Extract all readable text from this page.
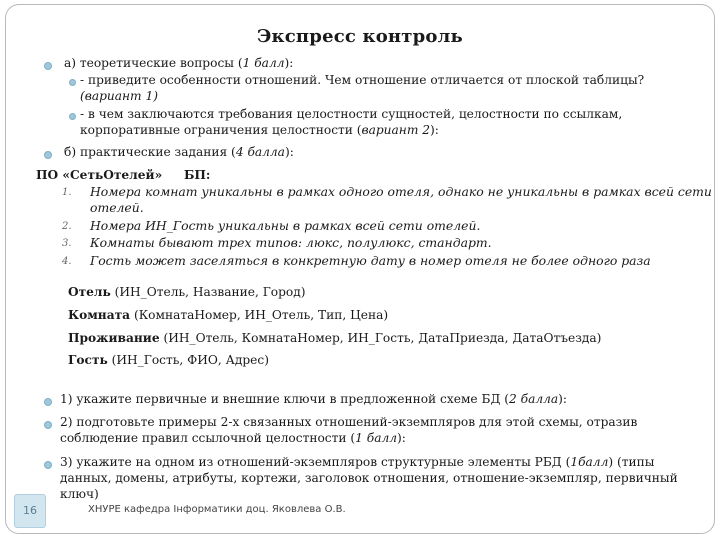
Экспресс контроль
а) теоретические вопросы (1 балл):
- приведите особенности отношений. Чем отношение отличается от плоской таблицы?
(вариант 1)
- в чем заключаются требования целостности сущностей, целостности по ссылкам,
корпоративные ограничения целостности (вариант 2):
б) практические задания (4 балла):
ПО «СетьОтелей» БП:
1. Номера комнат уникальны в рамках одного отеля, однако не уникальны в рамках всей сети
отелей.
2. Номера ИН_Гость уникальны в рамках всей сети отелей.
3. Комнаты бывают трех типов: люкс, полулюкс, стандарт.
4. Гость может заселяться в конкретную дату в номер отеля не более одного раза
Отель (ИН_Отель, Название, Город)
Комната (КомнатаНомер, ИН_Отель, Тип, Цена)
Проживание (ИН_Отель, КомнатаНомер, ИН_Гость, ДатаПриезда, ДатаОтъезда)
Гость (ИН_Гость, ФИО, Адрес)
1) укажите первичные и внешние ключи в предложенной схеме БД (2 балла):
2) подготовьте примеры 2-х связанных отношений-экземпляров для этой схемы, отразив
соблюдение правил ссылочной целостности (1 балл):
3) укажите на одном из отношений-экземпляров структурные элементы РБД (1балл) (типы
данных, домены, атрибуты, кортежи, заголовок отношения, отношение-экземпляр, первичный
ключ)
16	ХНУРЕ кафедра Інформатики доц. Яковлева О.В.
